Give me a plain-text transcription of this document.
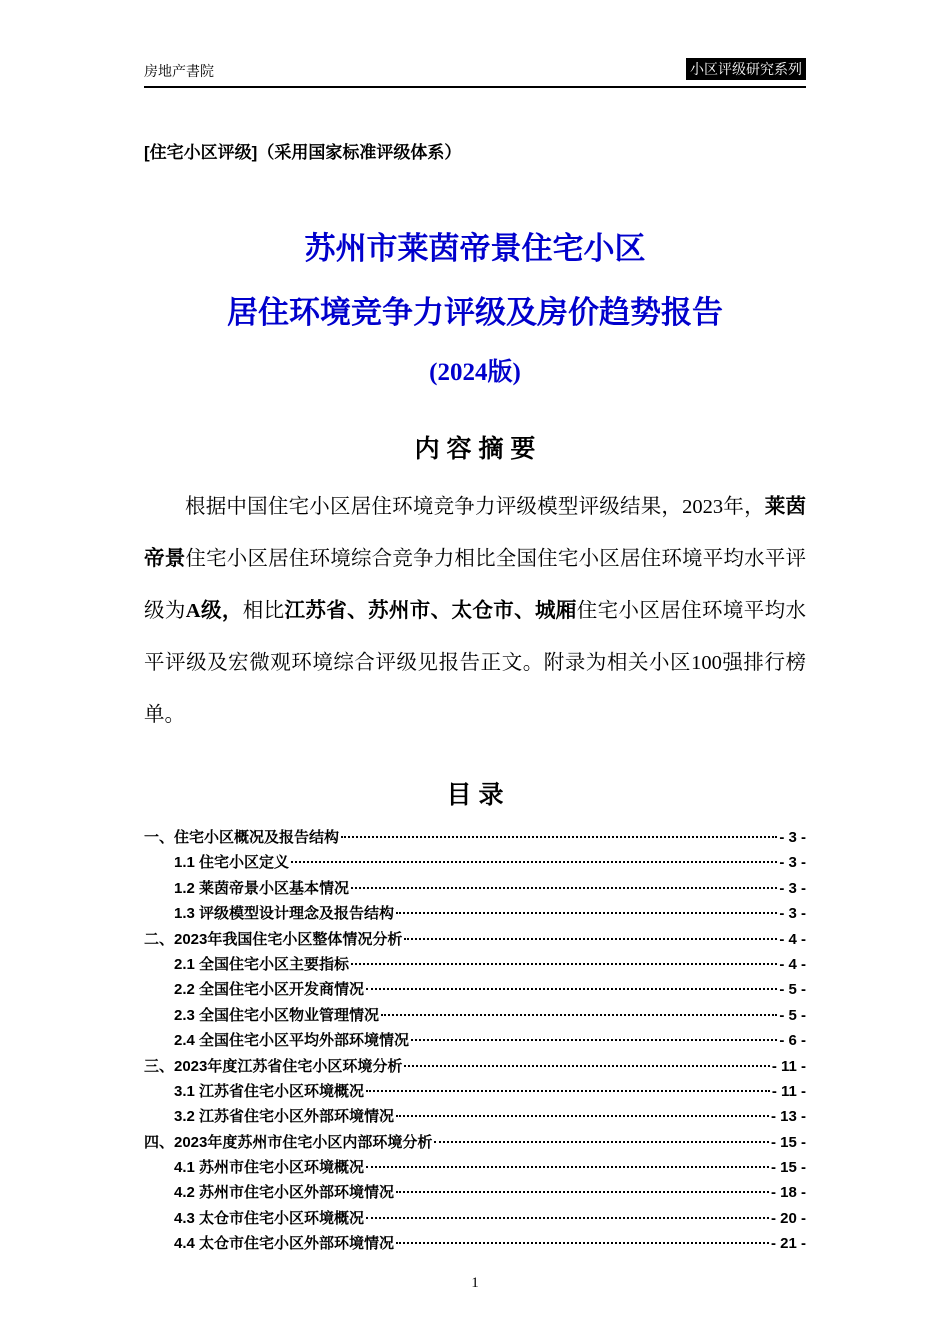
房地产書院	小区评级研究系列
[住宅小区评级]（采用国家标准评级体系）
苏州市莱茵帝景住宅小区
居住环境竞争力评级及房价趋势报告
(2024版)
内 容 摘 要

根据中国住宅小区居住环境竞争力评级模型评级结果，2023年，莱茵帝景住宅小区居住环境综合竞争力相比全国住宅小区居住环境平均水平评级为A级，相比江苏省、苏州市、太仓市、城厢住宅小区居住环境平均水平评级及宏微观环境综合评级见报告正文。附录为相关小区100强排行榜单。

目 录
一、住宅小区概况及报告结构	- 3 -
1.1 住宅小区定义	- 3 -
1.2 莱茵帝景小区基本情况	- 3 -
1.3 评级模型设计理念及报告结构	- 3 -
二、2023年我国住宅小区整体情况分析	- 4 -
2.1 全国住宅小区主要指标	- 4 -
2.2 全国住宅小区开发商情况	- 5 -
2.3 全国住宅小区物业管理情况	- 5 -
2.4 全国住宅小区平均外部环境情况	- 6 -
三、2023年度江苏省住宅小区环境分析	- 11 -
3.1 江苏省住宅小区环境概况	- 11 -
3.2 江苏省住宅小区外部环境情况	- 13 -
四、2023年度苏州市住宅小区内部环境分析	- 15 -
4.1 苏州市住宅小区环境概况	- 15 -
4.2 苏州市住宅小区外部环境情况	- 18 -
4.3 太仓市住宅小区环境概况	- 20 -
4.4 太仓市住宅小区外部环境情况	- 21 -
1
